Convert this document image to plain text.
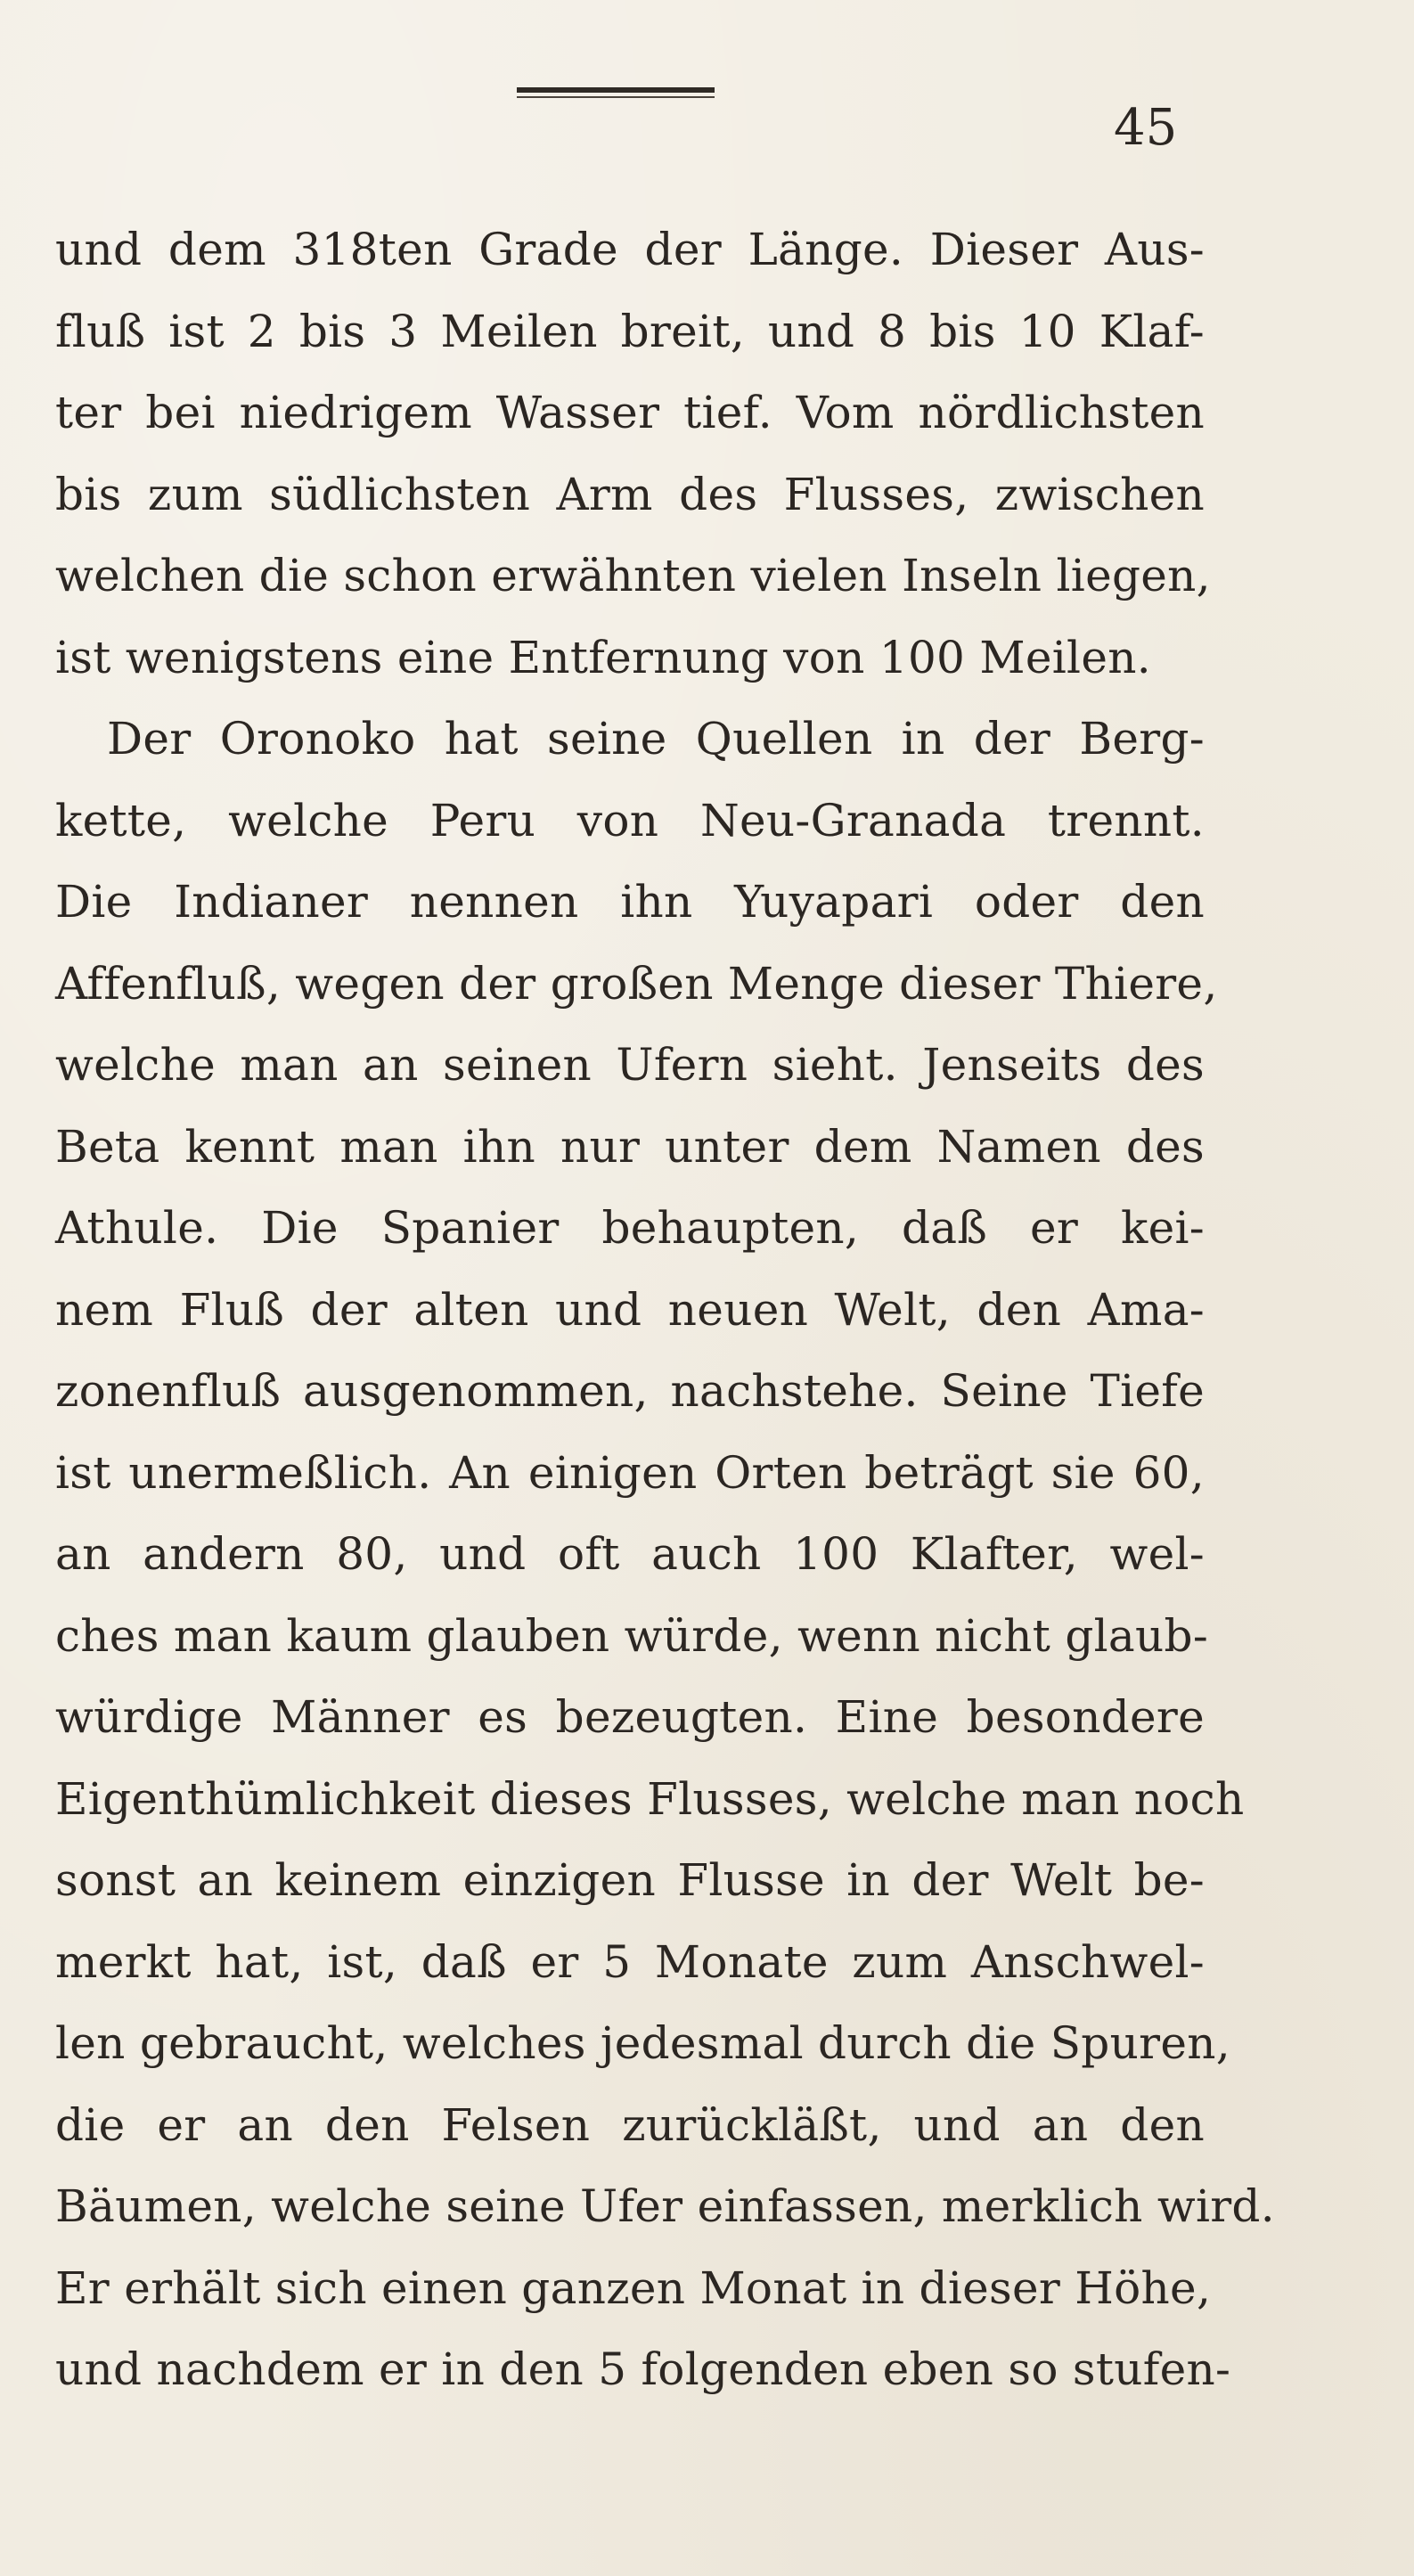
45
und dem 318ten Grade der Länge. Dieser Aus-
fluß ist 2 bis 3 Meilen breit, und 8 bis 10 Klaf-
ter bei niedrigem Wasser tief. Vom nördlichsten
bis zum südlichsten Arm des Flusses, zwischen
welchen die schon erwähnten vielen Inseln liegen,
ist wenigstens eine Entfernung von 100 Meilen.
Der Oronoko hat seine Quellen in der Berg-
kette, welche Peru von Neu-Granada trennt.
Die Indianer nennen ihn Yuyapari oder den
Affenfluß, wegen der großen Menge dieser Thiere,
welche man an seinen Ufern sieht. Jenseits des
Beta kennt man ihn nur unter dem Namen des
Athule. Die Spanier behaupten, daß er kei-
nem Fluß der alten und neuen Welt, den Ama-
zonenfluß ausgenommen, nachstehe. Seine Tiefe
ist unermeßlich. An einigen Orten beträgt sie 60,
an andern 80, und oft auch 100 Klafter, wel-
ches man kaum glauben würde, wenn nicht glaub-
würdige Männer es bezeugten. Eine besondere
Eigenthümlichkeit dieses Flusses, welche man noch
sonst an keinem einzigen Flusse in der Welt be-
merkt hat, ist, daß er 5 Monate zum Anschwel-
len gebraucht, welches jedesmal durch die Spuren,
die er an den Felsen zurückläßt, und an den
Bäumen, welche seine Ufer einfassen, merklich wird.
Er erhält sich einen ganzen Monat in dieser Höhe,
und nachdem er in den 5 folgenden eben so stufen-
